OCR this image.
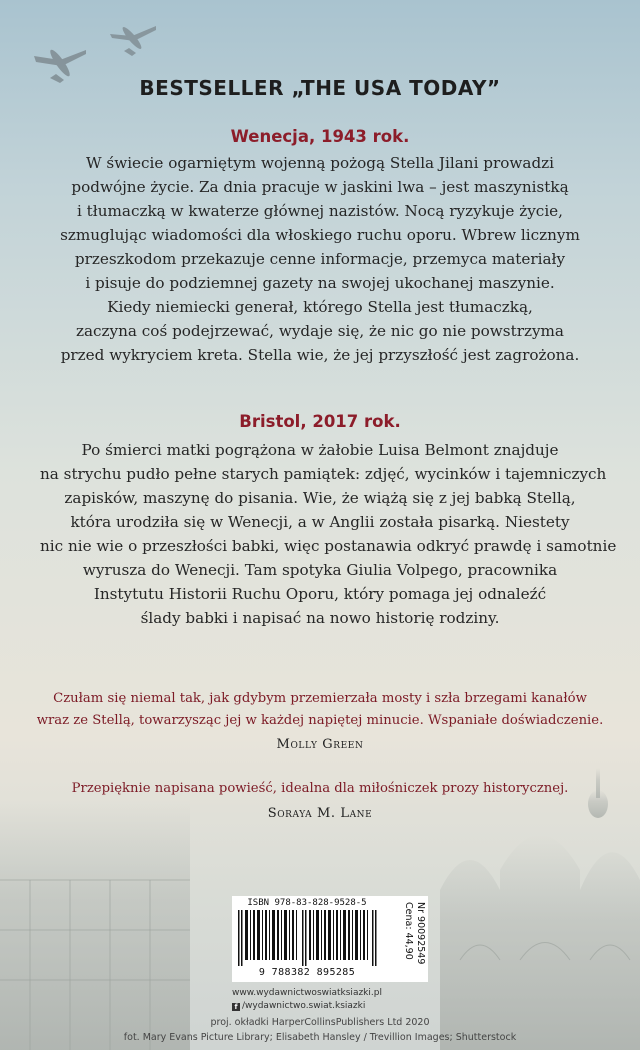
BESTSELLER „THE USA TODAY”
Wenecja, 1943 rok.

W świecie ogarniętym wojenną pożogą Stella Jilani prowadzi

podwójne życie. Za dnia pracuje w jaskini lwa – jest maszynistką

i tłumaczką w kwaterze głównej nazistów. Nocą ryzykuje życie,

szmuglując wiadomości dla włoskiego ruchu oporu. Wbrew licznym

przeszkodom przekazuje cenne informacje, przemyca materiały

i pisuje do podziemnej gazety na swojej ukochanej maszynie.

Kiedy niemiecki generał, którego Stella jest tłumaczką,

zaczyna coś podejrzewać, wydaje się, że nic go nie powstrzyma

przed wykryciem kreta. Stella wie, że jej przyszłość jest zagrożona.

Bristol, 2017 rok.

Po śmierci matki pogrążona w żałobie Luisa Belmont znajduje

na strychu pudło pełne starych pamiątek: zdjęć, wycinków i tajemniczych

zapisków, maszynę do pisania. Wie, że wiążą się z jej babką Stellą,

która urodziła się w Wenecji, a w Anglii została pisarką. Niestety

nic nie wie o przeszłości babki, więc postanawia odkryć prawdę i samotnie

wyrusza do Wenecji. Tam spotyka Giulia Volpego, pracownika

Instytutu Historii Ruchu Oporu, który pomaga jej odnaleźć

ślady babki i napisać na nowo historię rodziny.

Czułam się niemal tak, jak gdybym przemierzała mosty i szła brzegami kanałów

wraz ze Stellą, towarzysząc jej w każdej napiętej minucie. Wspaniałe doświadczenie.

Molly Green

Przepięknie napisana powieść, idealna dla miłośniczek prozy historycznej.

Soraya M. Lane
ISBN 978-83-828-9528-5
9 788382 895285
Nr 90092549
Cena: 44,90
www.wydawnictwoswiatksiazki.pl
f /wydawnictwo.swiat.ksiazki
proj. okładki HarperCollinsPublishers Ltd 2020
fot. Mary Evans Picture Library; Elisabeth Hansley / Trevillion Images; Shutterstock
